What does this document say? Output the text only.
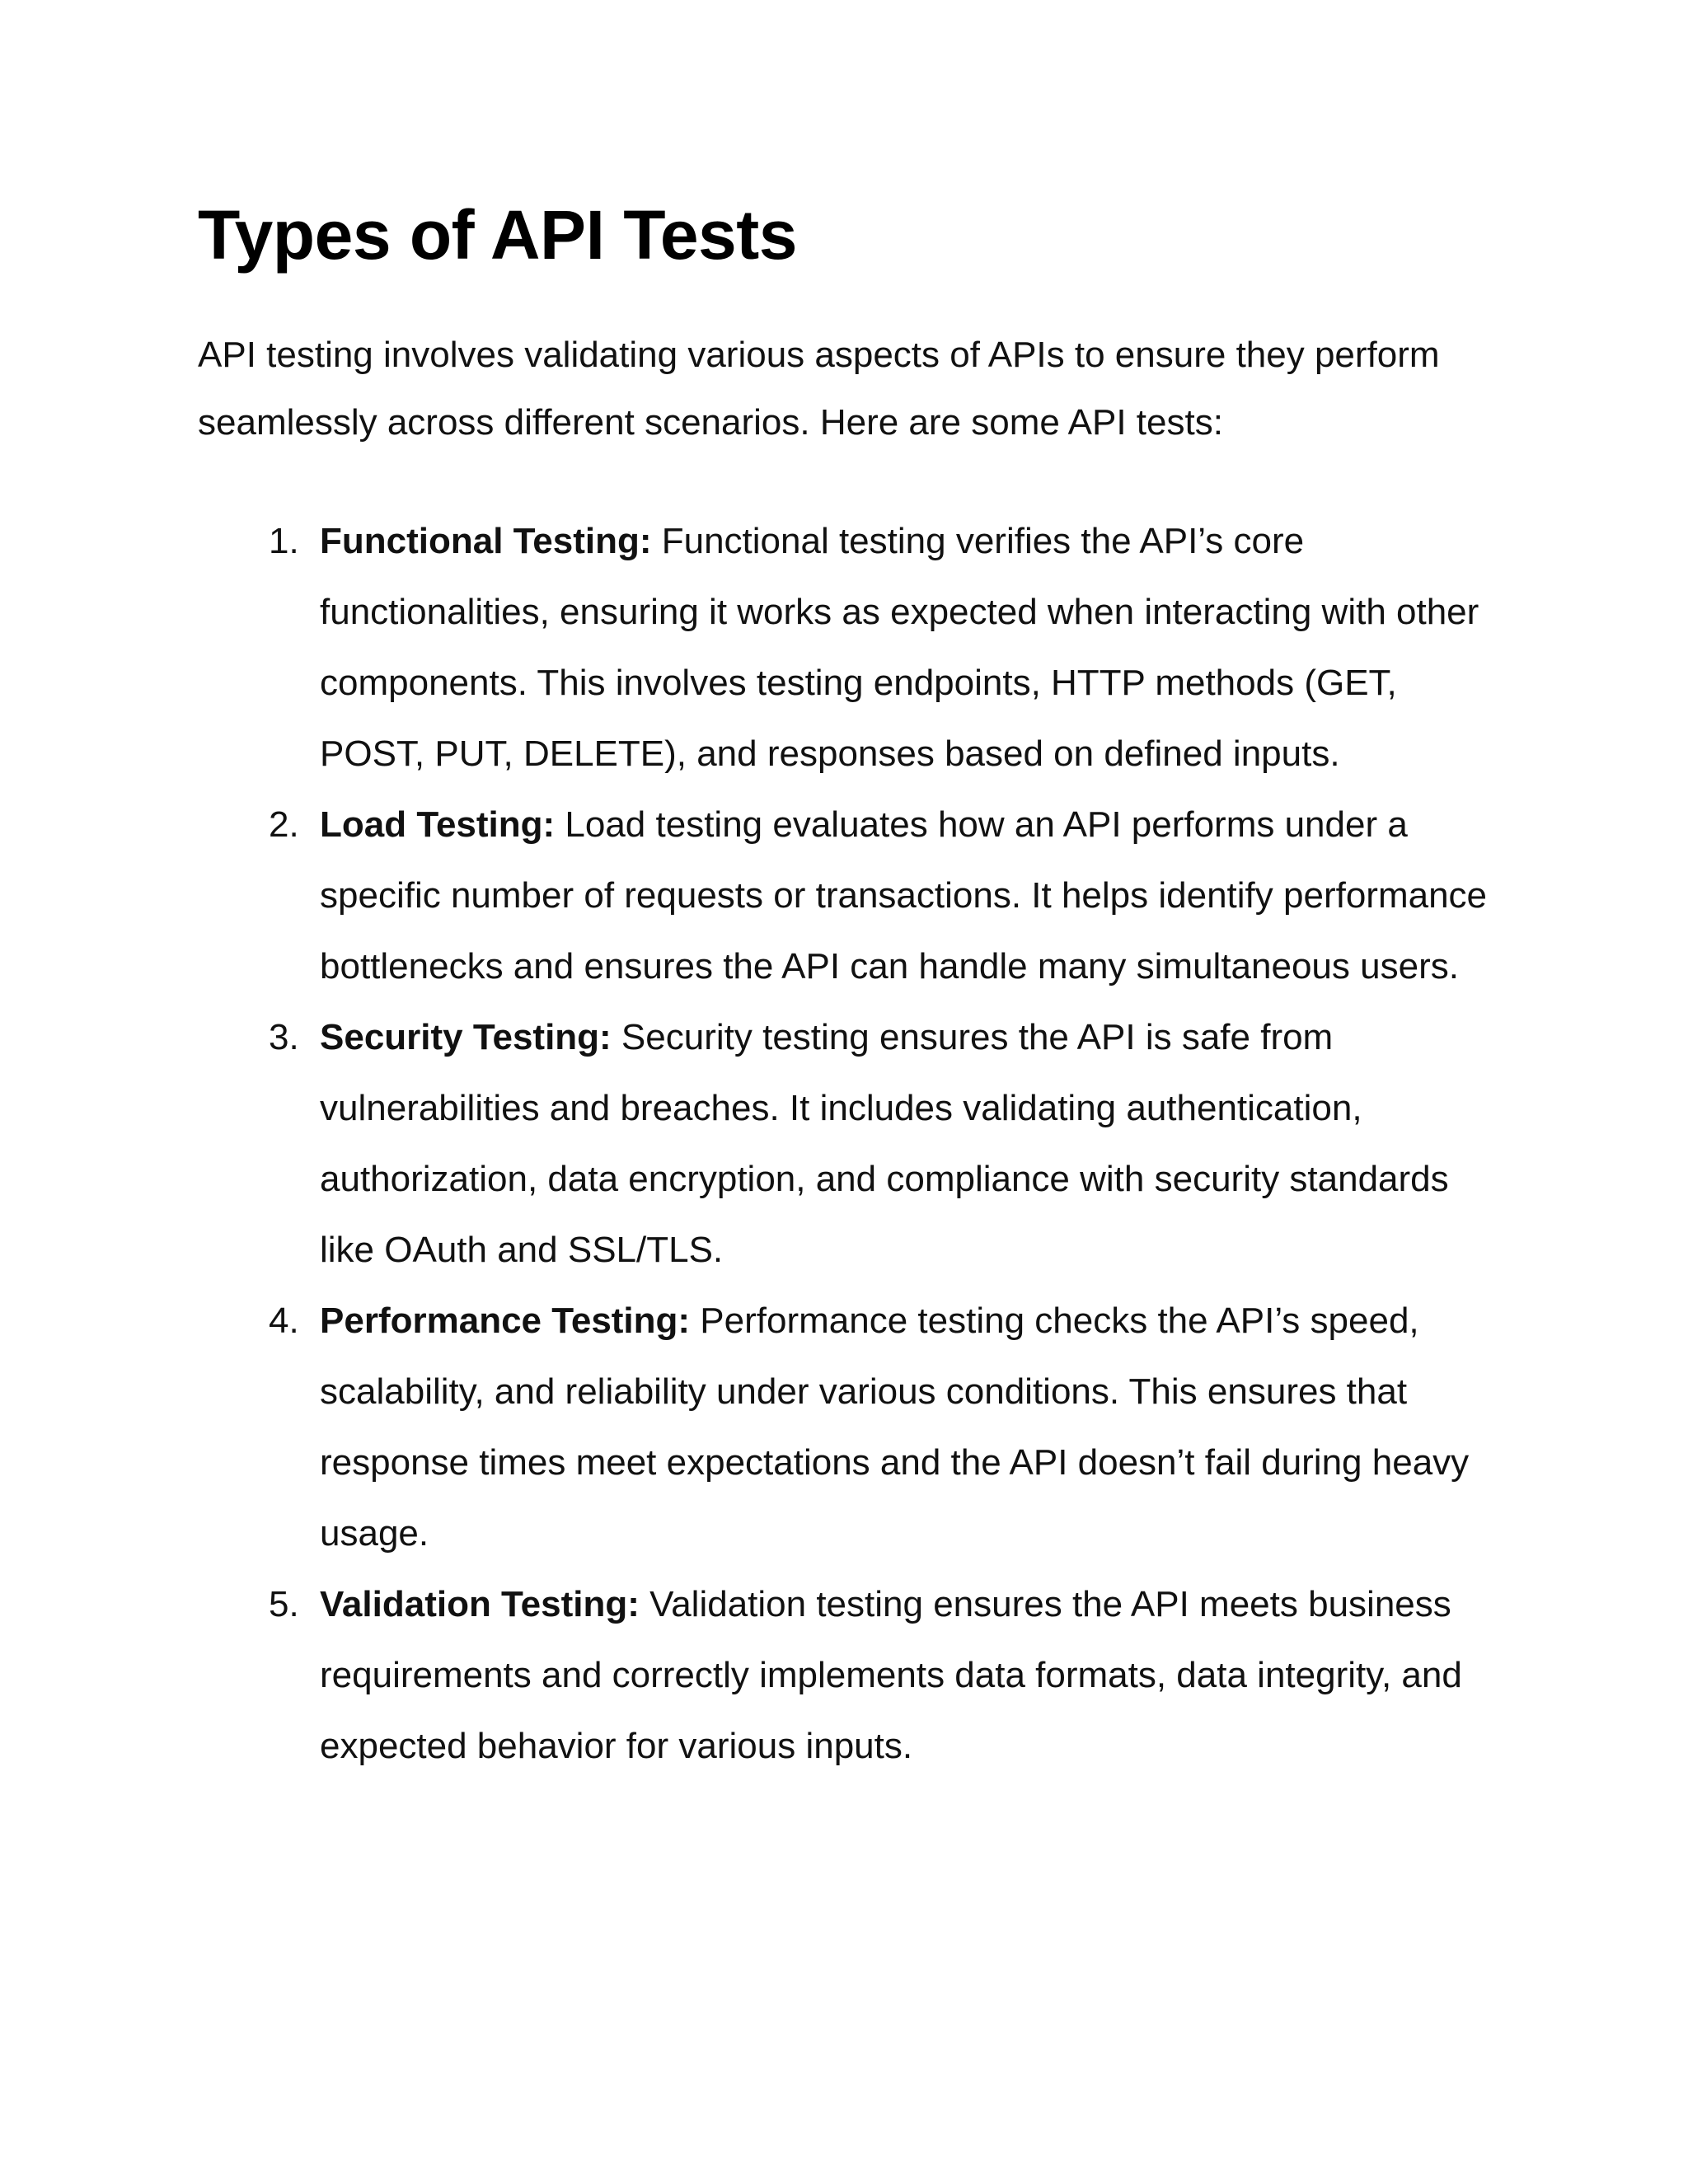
Types of API Tests

API testing involves validating various aspects of APIs to ensure they perform seamlessly across different scenarios. Here are some API tests:

1. Functional Testing: Functional testing verifies the API’s core functionalities, ensuring it works as expected when interacting with other components. This involves testing endpoints, HTTP methods (GET, POST, PUT, DELETE), and responses based on defined inputs.
2. Load Testing: Load testing evaluates how an API performs under a specific number of requests or transactions. It helps identify performance bottlenecks and ensures the API can handle many simultaneous users.
3. Security Testing: Security testing ensures the API is safe from vulnerabilities and breaches. It includes validating authentication, authorization, data encryption, and compliance with security standards like OAuth and SSL/TLS.
4. Performance Testing: Performance testing checks the API’s speed, scalability, and reliability under various conditions. This ensures that response times meet expectations and the API doesn’t fail during heavy usage.
5. Validation Testing: Validation testing ensures the API meets business requirements and correctly implements data formats, data integrity, and expected behavior for various inputs.
